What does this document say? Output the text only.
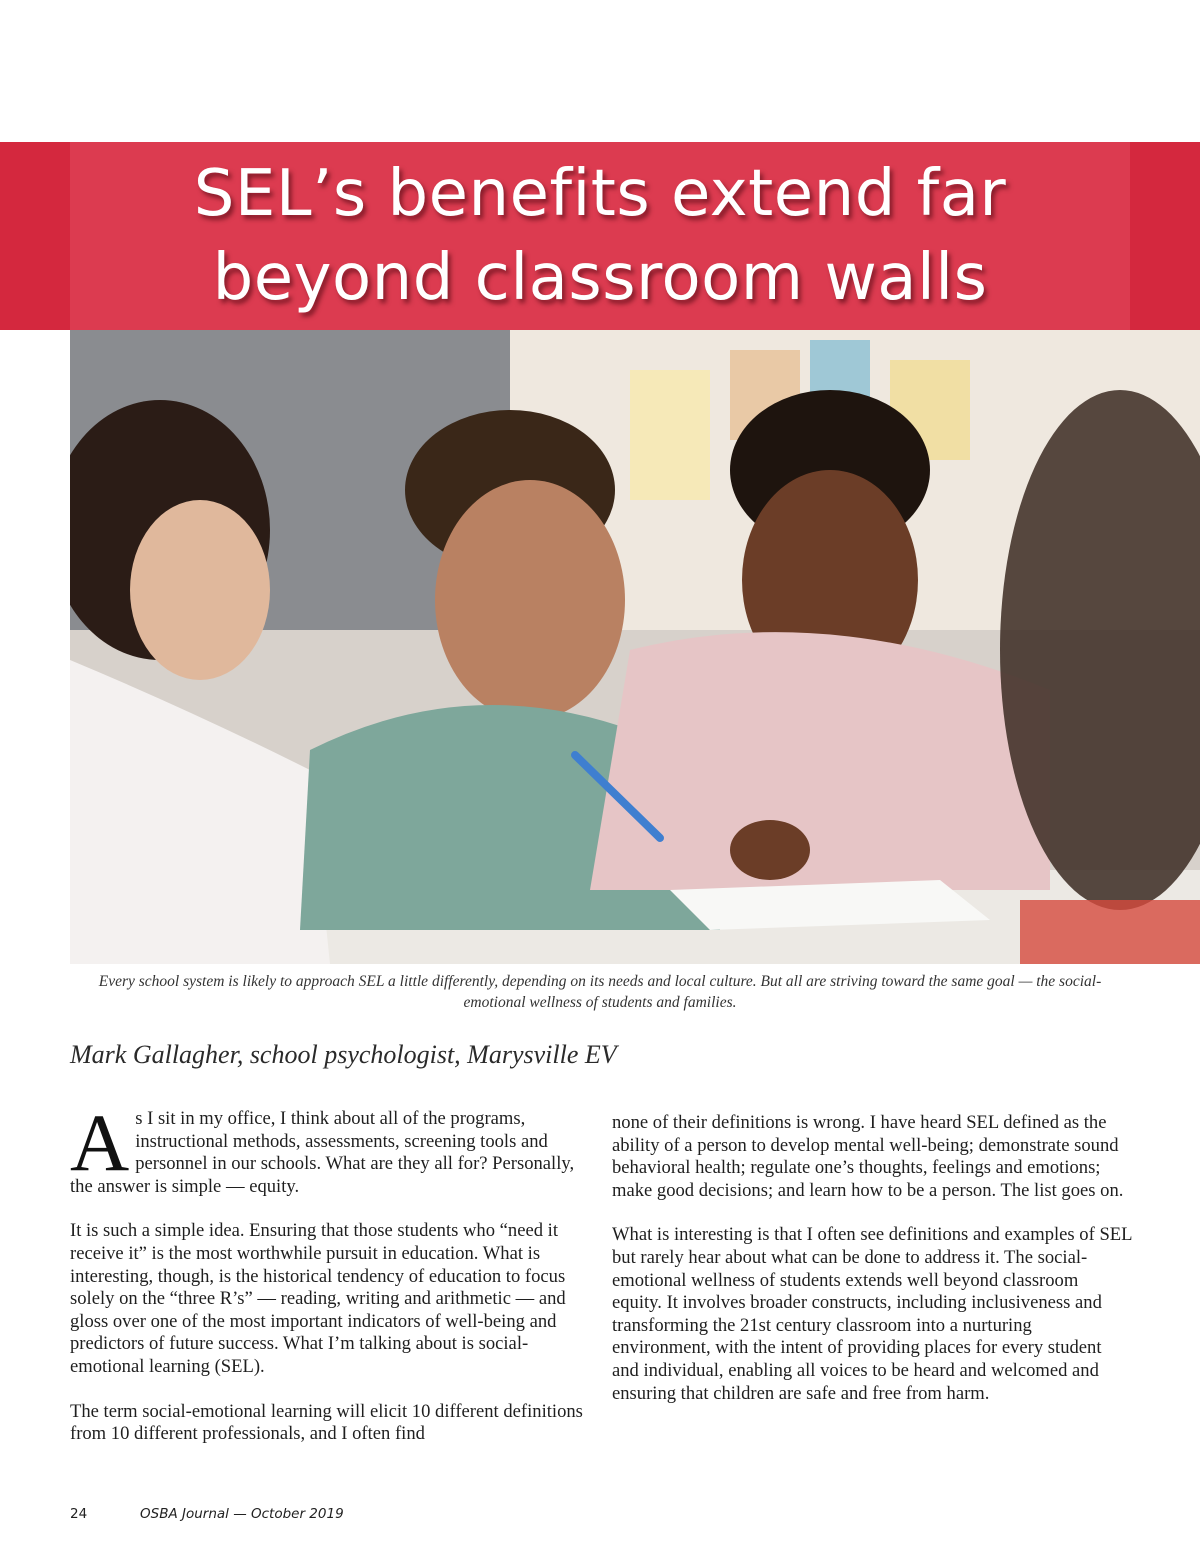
SEL’s benefits extend far
beyond classroom walls
Every school system is likely to approach SEL a little differently, depending on its needs and local culture. But all are striving toward the same goal — the social-emotional wellness of students and families.
Mark Gallagher, school psychologist, Marysville EV

As I sit in my office, I think about all of the programs, instructional methods, assessments, screening tools and personnel in our schools. What are they all for? Personally, the answer is simple — equity.

It is such a simple idea. Ensuring that those students who “need it receive it” is the most worthwhile pursuit in education. What is interesting, though, is the historical tendency of education to focus solely on the “three R’s” — reading, writing and arithmetic — and gloss over one of the most important indicators of well-being and predictors of future success. What I’m talking about is social-emotional learning (SEL).

The term social-emotional learning will elicit 10 different definitions from 10 different professionals, and I often find

none of their definitions is wrong. I have heard SEL defined as the ability of a person to develop mental well-being; demonstrate sound behavioral health; regulate one’s thoughts, feelings and emotions; make good decisions; and learn how to be a person. The list goes on.

What is interesting is that I often see definitions and examples of SEL but rarely hear about what can be done to address it. The social-emotional wellness of students extends well beyond classroom equity. It involves broader constructs, including inclusiveness and transforming the 21st century classroom into a nurturing environment, with the intent of providing places for every student and individual, enabling all voices to be heard and welcomed and ensuring that children are safe and free from harm.

24	OSBA Journal — October 2019
